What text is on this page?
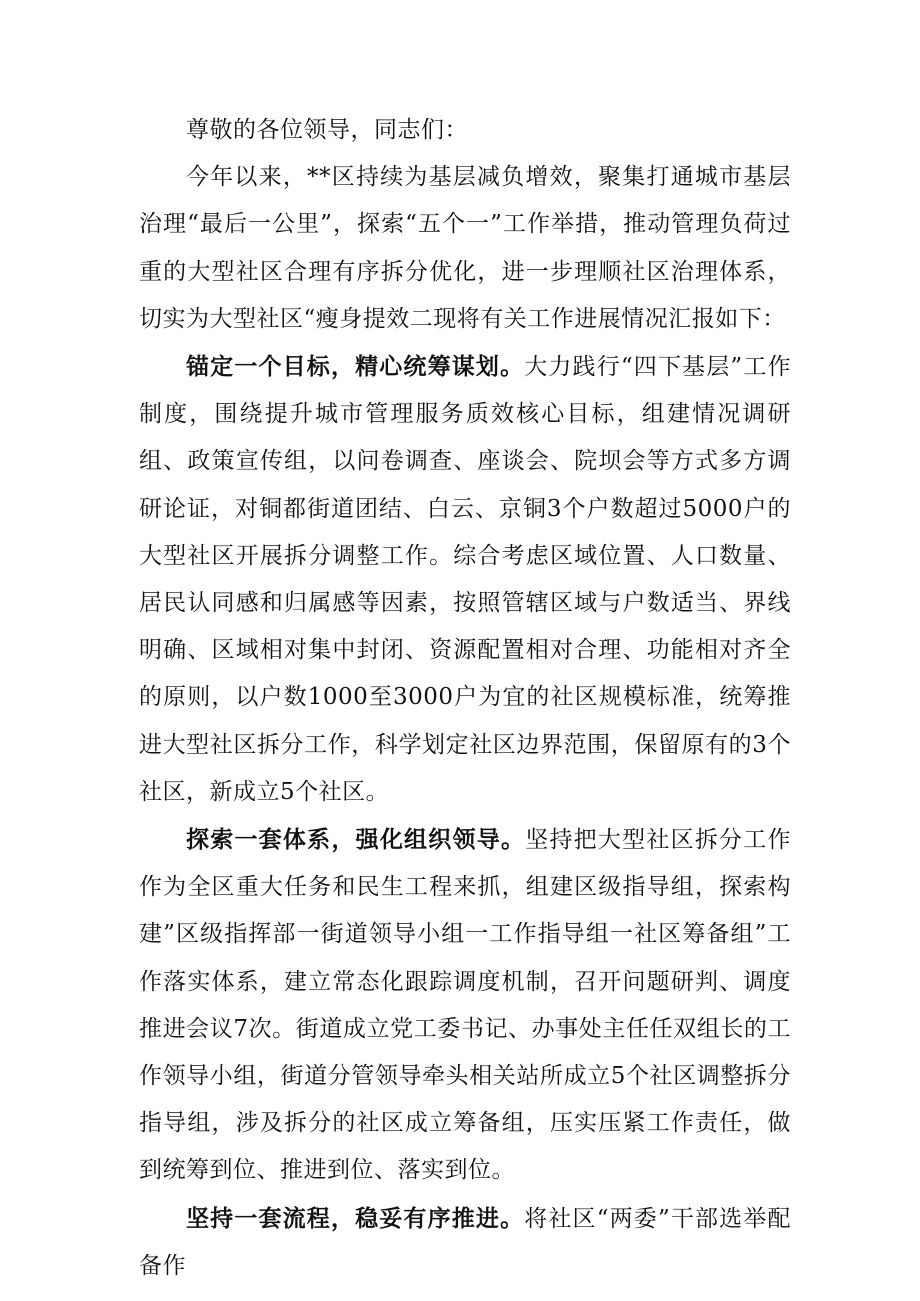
尊敬的各位领导，同志们：

今年以来，**区持续为基层减负增效，聚集打通城市基层治理“最后一公里”，探索“五个一”工作举措，推动管理负荷过重的大型社区合理有序拆分优化，进一步理顺社区治理体系，切实为大型社区“瘦身提效二现将有关工作进展情况汇报如下：

锚定一个目标，精心统筹谋划。大力践行“四下基层”工作制度，围绕提升城市管理服务质效核心目标，组建情况调研组、政策宣传组，以问卷调查、座谈会、院坝会等方式多方调研论证，对铜都街道团结、白云、京铜3个户数超过5000户的大型社区开展拆分调整工作。综合考虑区域位置、人口数量、居民认同感和归属感等因素，按照管辖区域与户数适当、界线明确、区域相对集中封闭、资源配置相对合理、功能相对齐全的原则，以户数1000至3000户为宜的社区规模标准，统筹推进大型社区拆分工作，科学划定社区边界范围，保留原有的3个社区，新成立5个社区。

探索一套体系，强化组织领导。坚持把大型社区拆分工作作为全区重大任务和民生工程来抓，组建区级指导组，探索构建”区级指挥部一街道领导小组一工作指导组一社区筹备组”工作落实体系，建立常态化跟踪调度机制，召开问题研判、调度推进会议7次。街道成立党工委书记、办事处主任任双组长的工作领导小组，街道分管领导牵头相关站所成立5个社区调整拆分指导组，涉及拆分的社区成立筹备组，压实压紧工作责任，做到统筹到位、推进到位、落实到位。

坚持一套流程，稳妥有序推进。将社区“两委”干部选举配备作
